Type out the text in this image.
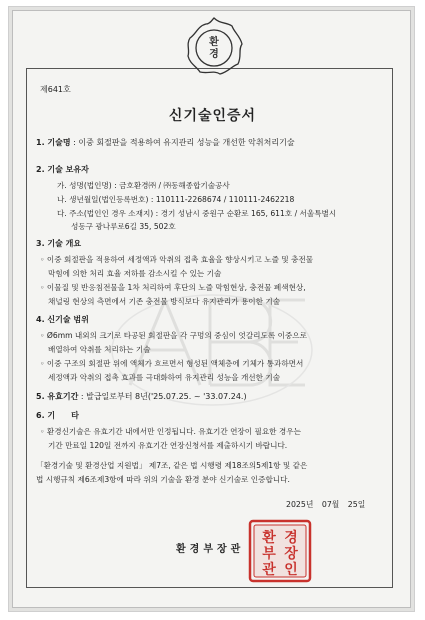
환
경
제641호
신기술인증서
1. 기술명 : 이중 회절판을 적용하여 유지관리 성능을 개선한 악취처리기술
2. 기술 보유자
가. 성명(법인명) : 금호환경㈜ / ㈜동해종합기술공사
나. 생년월일(법인등록번호) : 110111-2268674 / 110111-2462218
다. 주소(법인인 경우 소재지) : 경기 성남시 중원구 순환로 165, 611호 / 서울특별시
성동구 광나루로6길 35, 502호
3. 기술 개요
◦ 이중 회절판을 적용하여 세정액과 악취의 접촉 효율을 향상시키고 노즐 및 충전물
막힘에 의한 처리 효율 저하를 감소시킬 수 있는 기술
◦ 이물질 및 반응침전물을 1차 처리하여 후단의 노즐 막힘현상, 충전물 폐색현상,
채널링 현상의 측면에서 기존 충전물 방식보다 유지관리가 용이한 기술
4. 신기술 범위
◦ Ø6mm 내외의 크기로 타공된 회절판을 각 구멍의 중심이 엇갈리도록 이중으로
배열하여 악취를 처리하는 기술
◦ 이중 구조의 회절판 위에 액체가 흐르면서 형성된 액체층에 기체가 통과하면서
세정액과 악취의 접촉 효과를 극대화하여 유지관리 성능을 개선한 기술
5. 유효기간 : 발급일로부터 8년('25.07.25. ~ '33.07.24.)
6. 기　　타
◦ 환경신기술은 유효기간 내에서만 인정됩니다. 유효기간 연장이 필요한 경우는
기간 만료일 120일 전까지 유효기간 연장신청서를 제출하시기 바랍니다.
「환경기술 및 환경산업 지원법」 제7조, 같은 법 시행령 제18조의5제1항 및 같은
법 시행규칙 제6조제3항에 따라 위의 기술을 환경 분야 신기술로 인증합니다.
2025년 07월 25일
환 경
부 장
관 인
환경부장관
